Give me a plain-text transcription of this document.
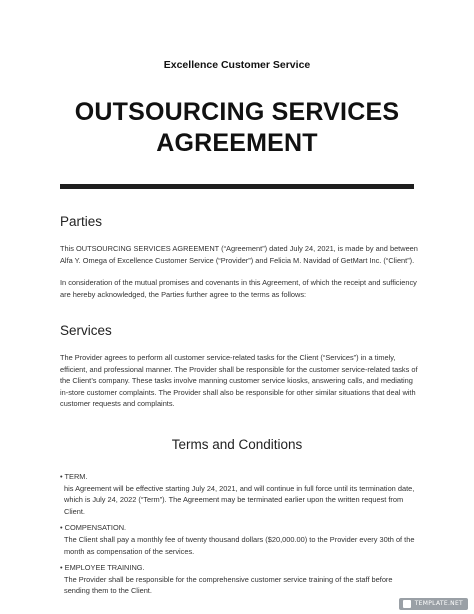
Excellence Customer Service
OUTSOURCING SERVICES AGREEMENT
Parties
This OUTSOURCING SERVICES AGREEMENT (“Agreement”) dated July 24, 2021, is made by and between Alfa Y. Omega of Excellence Customer Service (“Provider”) and Felicia M. Navidad of GetMart Inc. (“Client”).
In consideration of the mutual promises and covenants in this Agreement, of which the receipt and sufficiency are hereby acknowledged, the Parties further agree to the terms as follows:
Services
The Provider agrees to perform all customer service-related tasks for the Client (“Services”) in a timely, efficient, and professional manner. The Provider shall be responsible for the customer service-related tasks of the Client’s company. These tasks involve manning customer service kiosks, answering calls, and mediating in-store customer complaints. The Provider shall also be responsible for other similar situations that deal with customer requests and complaints.
Terms and Conditions
• TERM.
his Agreement will be effective starting July 24, 2021, and will continue in full force until its termination date, which is July 24, 2022 (“Term”). The Agreement may be terminated earlier upon the written request from Client.
• COMPENSATION.
The Client shall pay a monthly fee of twenty thousand dollars ($20,000.00) to the Provider every 30th of the month as compensation of the services.
• EMPLOYEE TRAINING.
The Provider shall be responsible for the comprehensive customer service training of the staff before sending them to the Client.
TEMPLATE.NET
